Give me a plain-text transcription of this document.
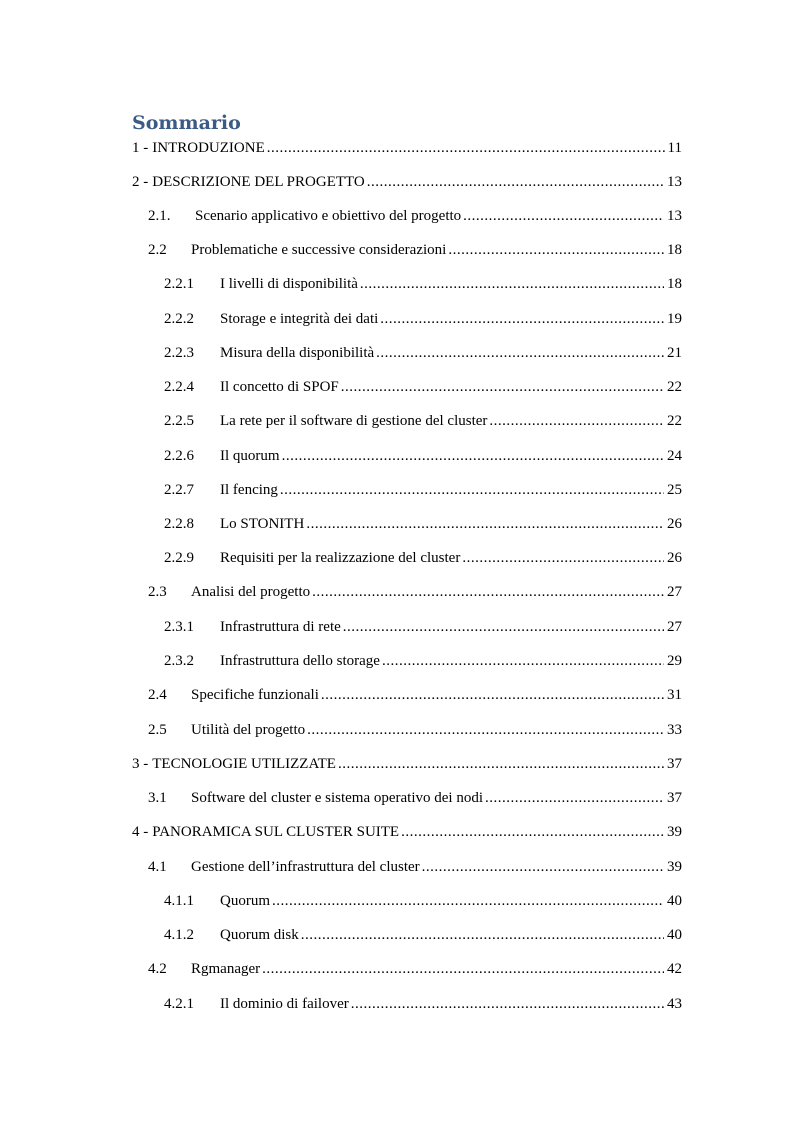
Sommario
1 - INTRODUZIONE .....	11
2 - DESCRIZIONE DEL PROGETTO .....	13
2.1.	Scenario applicativo e obiettivo del progetto .....	13
2.2	Problematiche e successive considerazioni .....	18
2.2.1	I livelli di disponibilità .....	18
2.2.2	Storage e integrità dei dati .....	19
2.2.3	Misura della disponibilità .....	21
2.2.4	Il concetto di SPOF .....	22
2.2.5	La rete per il software di gestione del cluster .....	22
2.2.6	Il quorum .....	24
2.2.7	Il fencing .....	25
2.2.8	Lo STONITH .....	26
2.2.9	Requisiti per la realizzazione del cluster .....	26
2.3	Analisi del progetto .....	27
2.3.1	Infrastruttura di rete .....	27
2.3.2	Infrastruttura dello storage .....	29
2.4	Specifiche funzionali .....	31
2.5	Utilità del progetto .....	33
3 - TECNOLOGIE UTILIZZATE .....	37
3.1	Software del cluster e sistema operativo dei nodi .....	37
4 - PANORAMICA SUL CLUSTER SUITE .....	39
4.1	Gestione dell’infrastruttura del cluster .....	39
4.1.1	Quorum .....	40
4.1.2	Quorum disk .....	40
4.2	Rgmanager .....	42
4.2.1	Il dominio di failover .....	43
